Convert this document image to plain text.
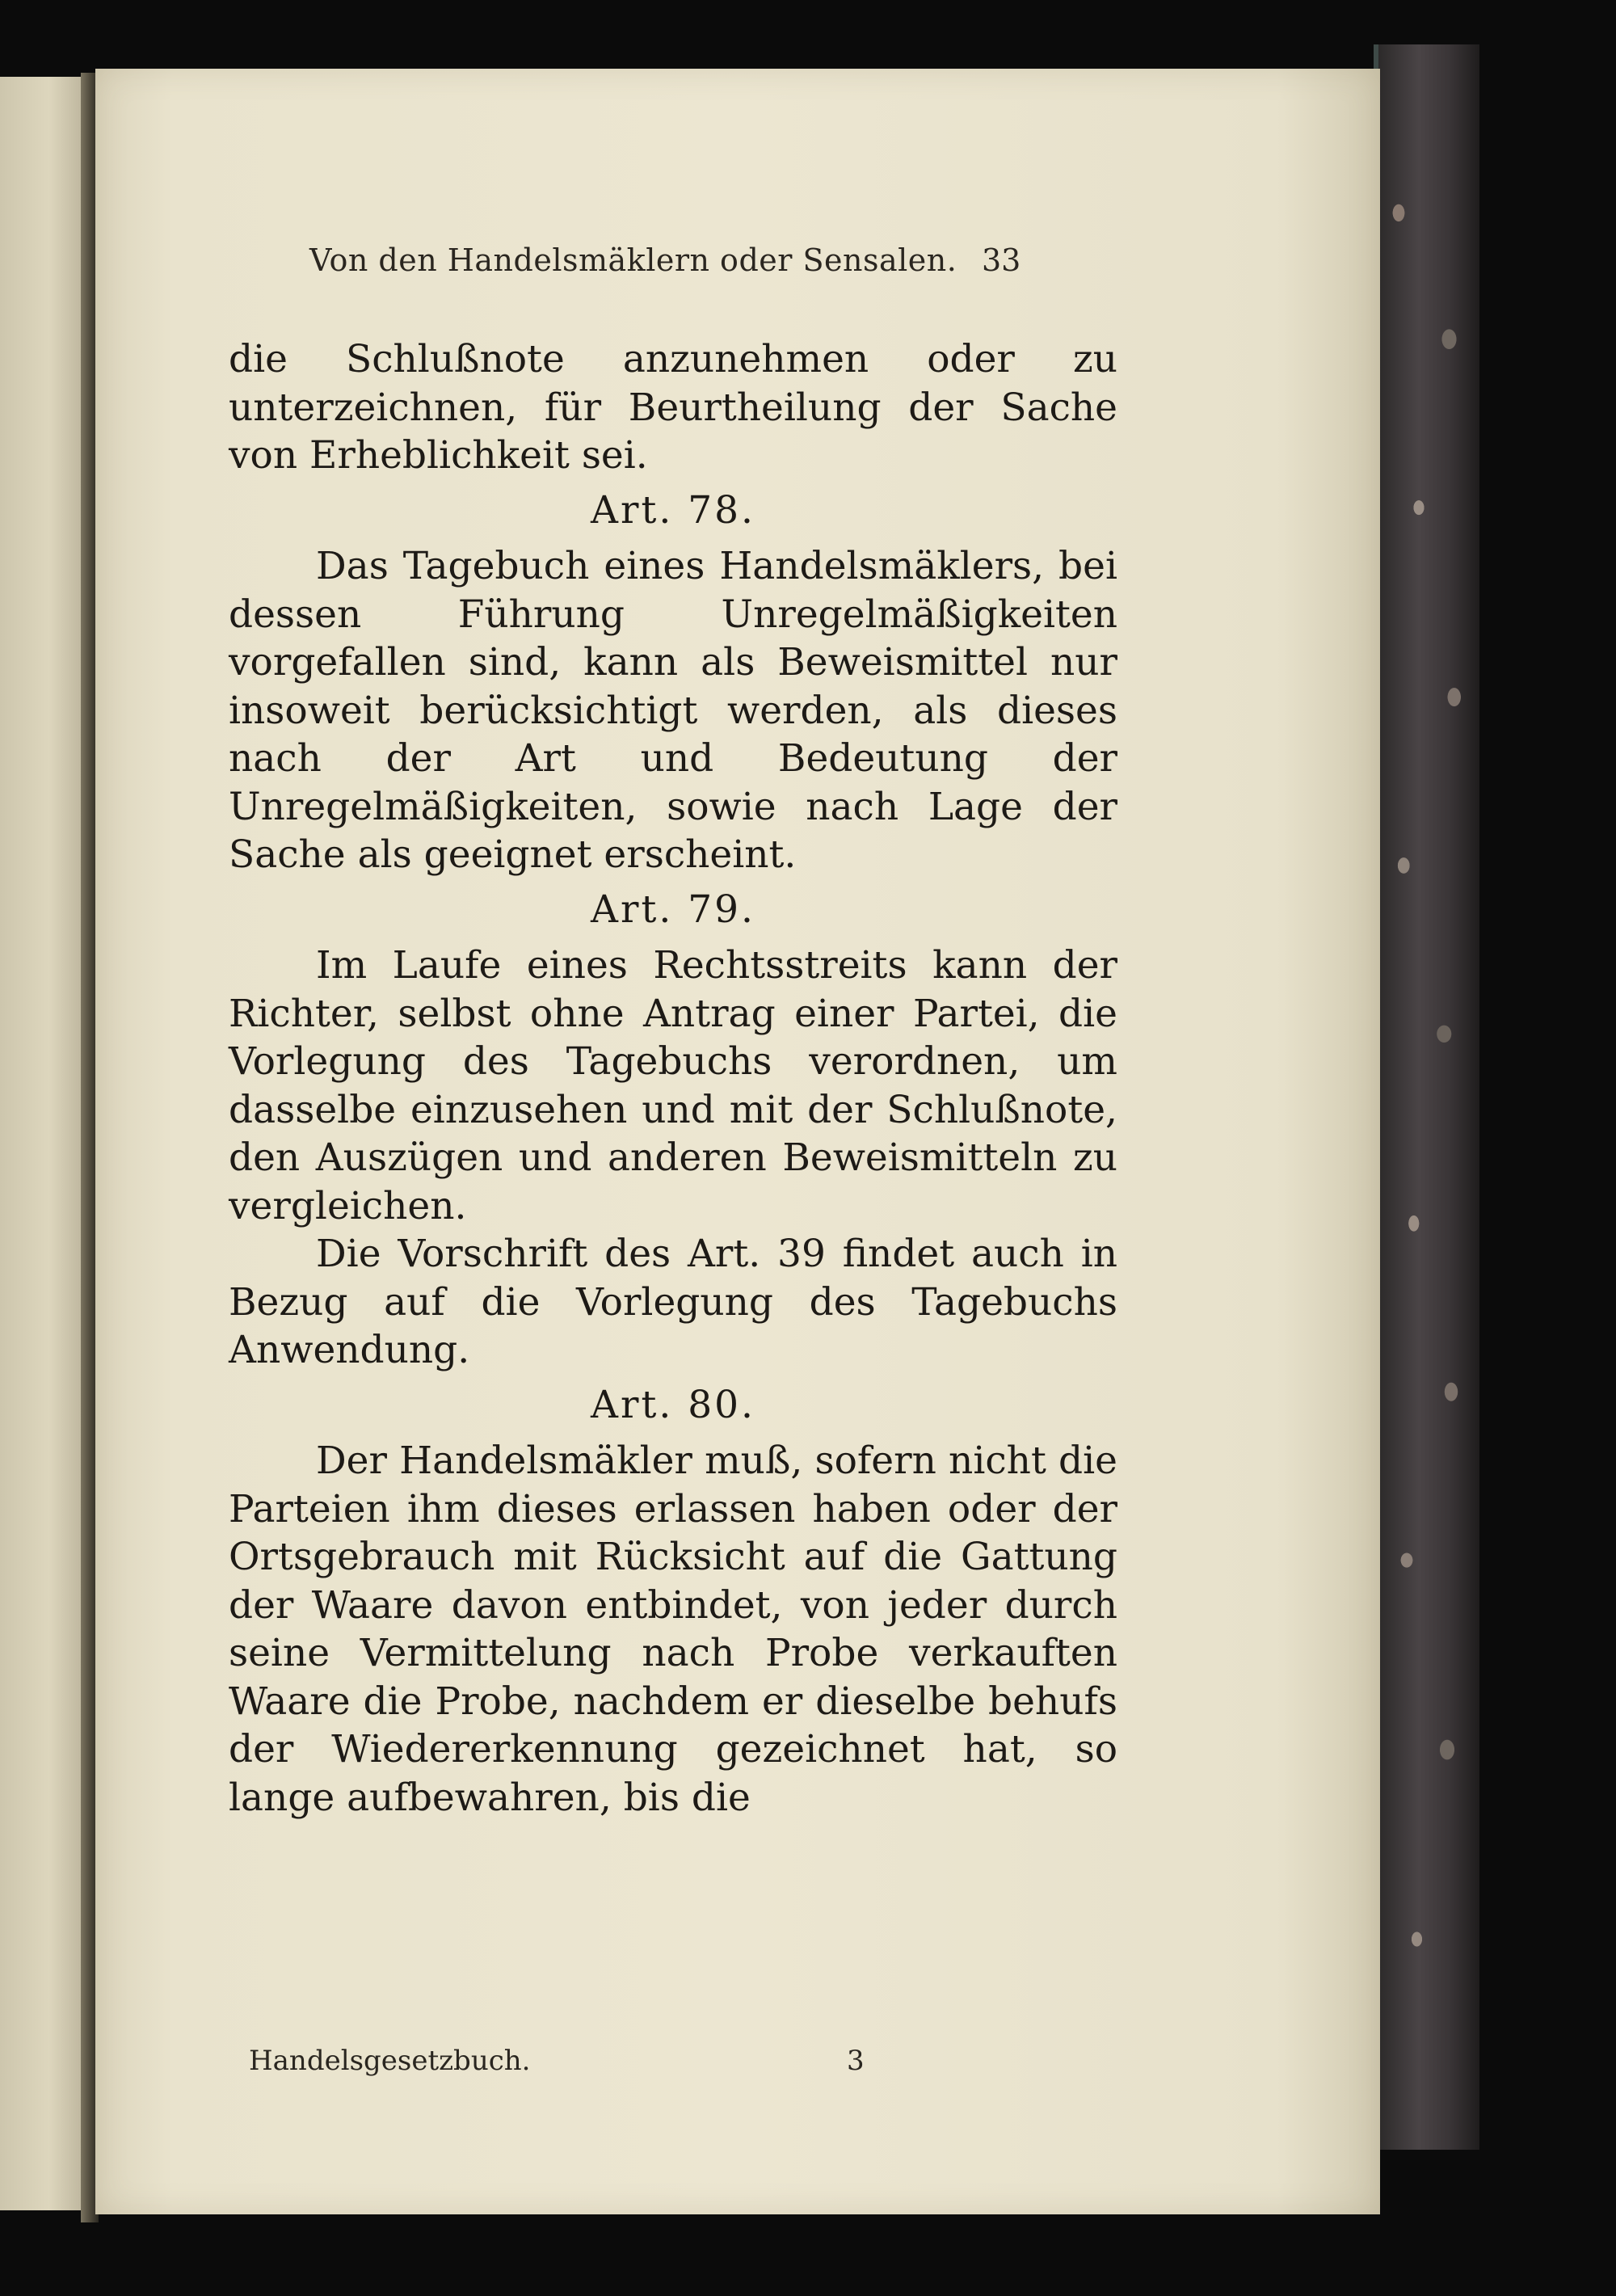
Von den Handelsmäklern oder Sensalen. 33

die Schlußnote anzunehmen oder zu unterzeichnen, für Beurtheilung der Sache von Erheblichkeit sei.

Art. 78.

Das Tagebuch eines Handelsmäklers, bei dessen Führung Unregelmäßigkeiten vorgefallen sind, kann als Beweismittel nur insoweit berücksichtigt werden, als dieses nach der Art und Bedeutung der Unregelmäßigkeiten, sowie nach Lage der Sache als geeignet erscheint.

Art. 79.

Im Laufe eines Rechtsstreits kann der Richter, selbst ohne Antrag einer Partei, die Vorlegung des Tagebuchs verordnen, um dasselbe einzusehen und mit der Schlußnote, den Auszügen und anderen Beweismitteln zu vergleichen.

Die Vorschrift des Art. 39 findet auch in Bezug auf die Vorlegung des Tagebuchs Anwendung.

Art. 80.

Der Handelsmäkler muß, sofern nicht die Parteien ihm dieses erlassen haben oder der Ortsgebrauch mit Rücksicht auf die Gattung der Waare davon entbindet, von jeder durch seine Vermittelung nach Probe verkauften Waare die Probe, nachdem er dieselbe behufs der Wiedererkennung gezeichnet hat, so lange aufbewahren, bis die

Handelsgesetzbuch.	3
